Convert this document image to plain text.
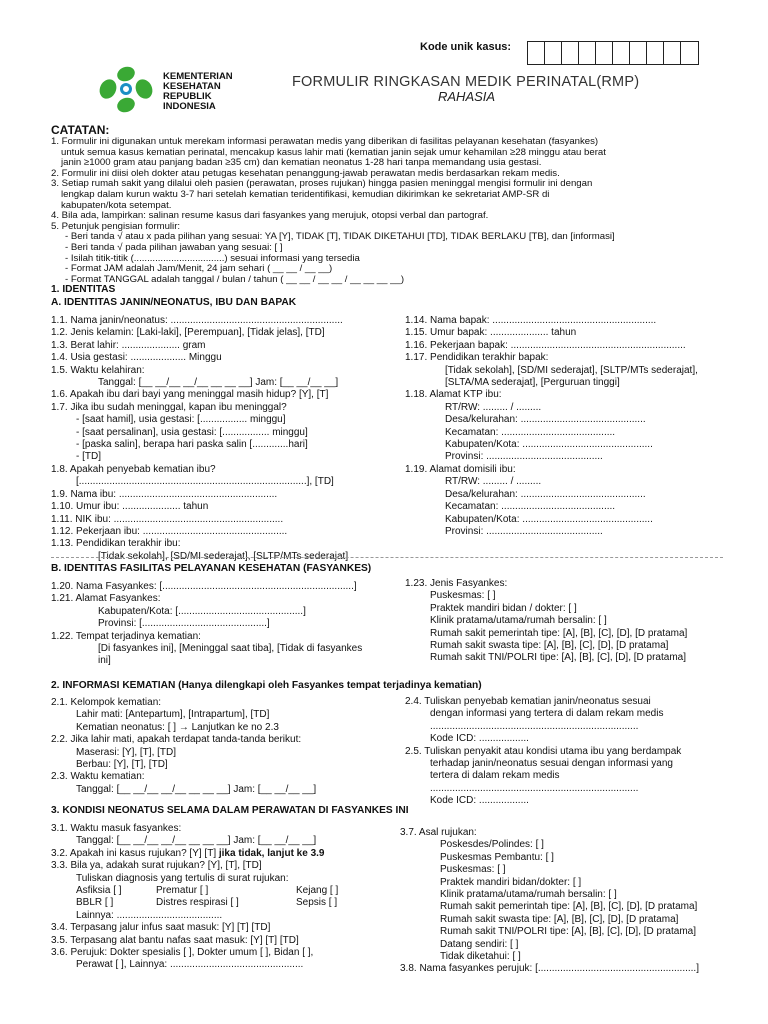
Kode unik kasus:
KEMENTERIAN
KESEHATAN
REPUBLIK
INDONESIA
FORMULIR RINGKASAN MEDIK PERINATAL(RMP)
RAHASIA
CATATAN:

1. Formulir ini digunakan untuk merekam informasi perawatan medis yang diberikan di fasilitas pelayanan kesehatan (fasyankes)

untuk semua kasus kematian perinatal, mencakup kasus lahir mati (kematian janin sejak umur kehamilan ≥28 minggu atau berat

janin ≥1000 gram atau panjang badan ≥35 cm) dan kematian neonatus 1-28 hari tanpa memandang usia gestasi.

2. Formulir ini diisi oleh dokter atau petugas kesehatan penanggung-jawab perawatan medis berdasarkan rekam medis.

3. Setiap rumah sakit yang dilalui oleh pasien (perawatan, proses rujukan) hingga pasien meninggal mengisi formulir ini dengan

lengkap dalam kurun waktu 3-7 hari setelah kematian teridentifikasi, kemudian dikirimkan ke sekretariat AMP-SR di

kabupaten/kota setempat.

4. Bila ada, lampirkan: salinan resume kasus dari fasyankes yang merujuk, otopsi verbal dan partograf.

5. Petunjuk pengisian formulir:

- Beri tanda √ atau x pada pilihan yang sesuai: YA [Y], TIDAK [T], TIDAK DIKETAHUI [TD], TIDAK BERLAKU [TB], dan [informasi]

- Beri tanda √ pada pilihan jawaban yang sesuai: [ ]

- Isilah titik-titik (..................................) sesuai informasi yang tersedia

- Format JAM adalah Jam/Menit, 24 jam sehari ( __ __ / __ __)

- Format TANGGAL adalah tanggal / bulan / tahun ( __ __ / __ __ / __ __ __ __)

1. IDENTITAS
A. IDENTITAS JANIN/NEONATUS, IBU DAN BAPAK

1.1. Nama janin/neonatus: ..............................................................

1.2. Jenis kelamin: [Laki-laki], [Perempuan], [Tidak jelas], [TD]

1.3. Berat lahir: ..................... gram

1.4. Usia gestasi: .................... Minggu

1.5. Waktu kelahiran:

Tanggal: [__ __/__ __/__ __ __ __] Jam: [__ __/__ __]

1.6. Apakah ibu dari bayi yang meninggal masih hidup? [Y], [T]

1.7. Jika ibu sudah meninggal, kapan ibu meninggal?

- [saat hamil], usia gestasi: [................. minggu]

- [saat persalinan], usia gestasi: [................. minggu]

- [paska salin], berapa hari paska salin [.............hari]

- [TD]

1.8. Apakah penyebab kematian ibu?

[..................................................................................], [TD]

1.9. Nama ibu: .........................................................

1.10. Umur ibu: ..................... tahun

1.11. NIK ibu: .............................................................

1.12. Pekerjaan ibu: ....................................................

1.13. Pendidikan terakhir ibu:

[Tidak sekolah], [SD/MI sederajat], [SLTP/MTs sederajat]

1.14. Nama bapak: ...........................................................

1.15. Umur bapak: ..................... tahun

1.16. Pekerjaan bapak: ...............................................................

1.17. Pendidikan terakhir bapak:

[Tidak sekolah], [SD/MI sederajat], [SLTP/MTs sederajat],

[SLTA/MA sederajat], [Perguruan tinggi]

1.18. Alamat KTP ibu:

RT/RW: ......... / .........

Desa/kelurahan: .............................................

Kecamatan: .........................................

Kabupaten/Kota: ...............................................

Provinsi: ..........................................

1.19. Alamat domisili ibu:

RT/RW: ......... / .........

Desa/kelurahan: .............................................

Kecamatan: .........................................

Kabupaten/Kota: ...............................................

Provinsi: ..........................................

B. IDENTITAS FASILITAS PELAYANAN KESEHATAN (FASYANKES)

1.20. Nama Fasyankes: [.....................................................................]

1.21. Alamat Fasyankes:

Kabupaten/Kota: [.............................................]

Provinsi: [.............................................]

1.22. Tempat terjadinya kematian:

[Di fasyankes ini], [Meninggal saat tiba], [Tidak di fasyankes

ini]

1.23. Jenis Fasyankes:

Puskesmas: [ ]

Praktek mandiri bidan / dokter: [ ]

Klinik pratama/utama/rumah bersalin: [ ]

Rumah sakit pemerintah tipe: [A], [B], [C], [D], [D pratama]

Rumah sakit swasta tipe: [A], [B], [C], [D], [D pratama]

Rumah sakit TNI/POLRI tipe: [A], [B], [C], [D], [D pratama]

2. INFORMASI KEMATIAN (Hanya dilengkapi oleh Fasyankes tempat terjadinya kematian)

2.1. Kelompok kematian:

Lahir mati: [Antepartum], [Intrapartum], [TD]

Kematian neonatus: [ ] → Lanjutkan ke no 2.3

2.2. Jika lahir mati, apakah terdapat tanda-tanda berikut:

Maserasi: [Y], [T], [TD]

Berbau: [Y], [T], [TD]

2.3. Waktu kematian:

Tanggal: [__ __/__ __/__ __ __ __] Jam: [__ __/__ __]

2.4. Tuliskan penyebab kematian janin/neonatus sesuai

dengan informasi yang tertera di dalam rekam medis

...........................................................................

Kode ICD: ..................

2.5. Tuliskan penyakit atau kondisi utama ibu yang berdampak

terhadap janin/neonatus sesuai dengan informasi yang

tertera di dalam rekam medis

...........................................................................

Kode ICD: ..................

3. KONDISI NEONATUS SELAMA DALAM PERAWATAN DI FASYANKES INI

3.1. Waktu masuk fasyankes:

Tanggal: [__ __/__ __/__ __ __ __] Jam: [__ __/__ __]

3.2. Apakah ini kasus rujukan? [Y] [T] jika tidak, lanjut ke 3.9

3.3. Bila ya, adakah surat rujukan? [Y], [T], [TD]

Tuliskan diagnosis yang tertulis di surat rujukan:

Asfiksia [ ]	Prematur [ ]	Kejang [ ]

BBLR [ ]	Distres respirasi [ ]	Sepsis [ ]

Lainnya: ......................................

3.4. Terpasang jalur infus saat masuk: [Y] [T] [TD]

3.5. Terpasang alat bantu nafas saat masuk: [Y] [T] [TD]

3.6. Perujuk: Dokter spesialis [ ], Dokter umum [ ], Bidan [ ],

Perawat [ ], Lainnya: ................................................

3.7. Asal rujukan:

Poskesdes/Polindes: [ ]

Puskesmas Pembantu: [ ]

Puskesmas: [ ]

Praktek mandiri bidan/dokter: [ ]

Klinik pratama/utama/rumah bersalin: [ ]

Rumah sakit pemerintah tipe: [A], [B], [C], [D], [D pratama]

Rumah sakit swasta tipe: [A], [B], [C], [D], [D pratama]

Rumah sakit TNI/POLRI tipe: [A], [B], [C], [D], [D pratama]

Datang sendiri: [ ]

Tidak diketahui: [ ]

3.8. Nama fasyankes perujuk: [.........................................................]
